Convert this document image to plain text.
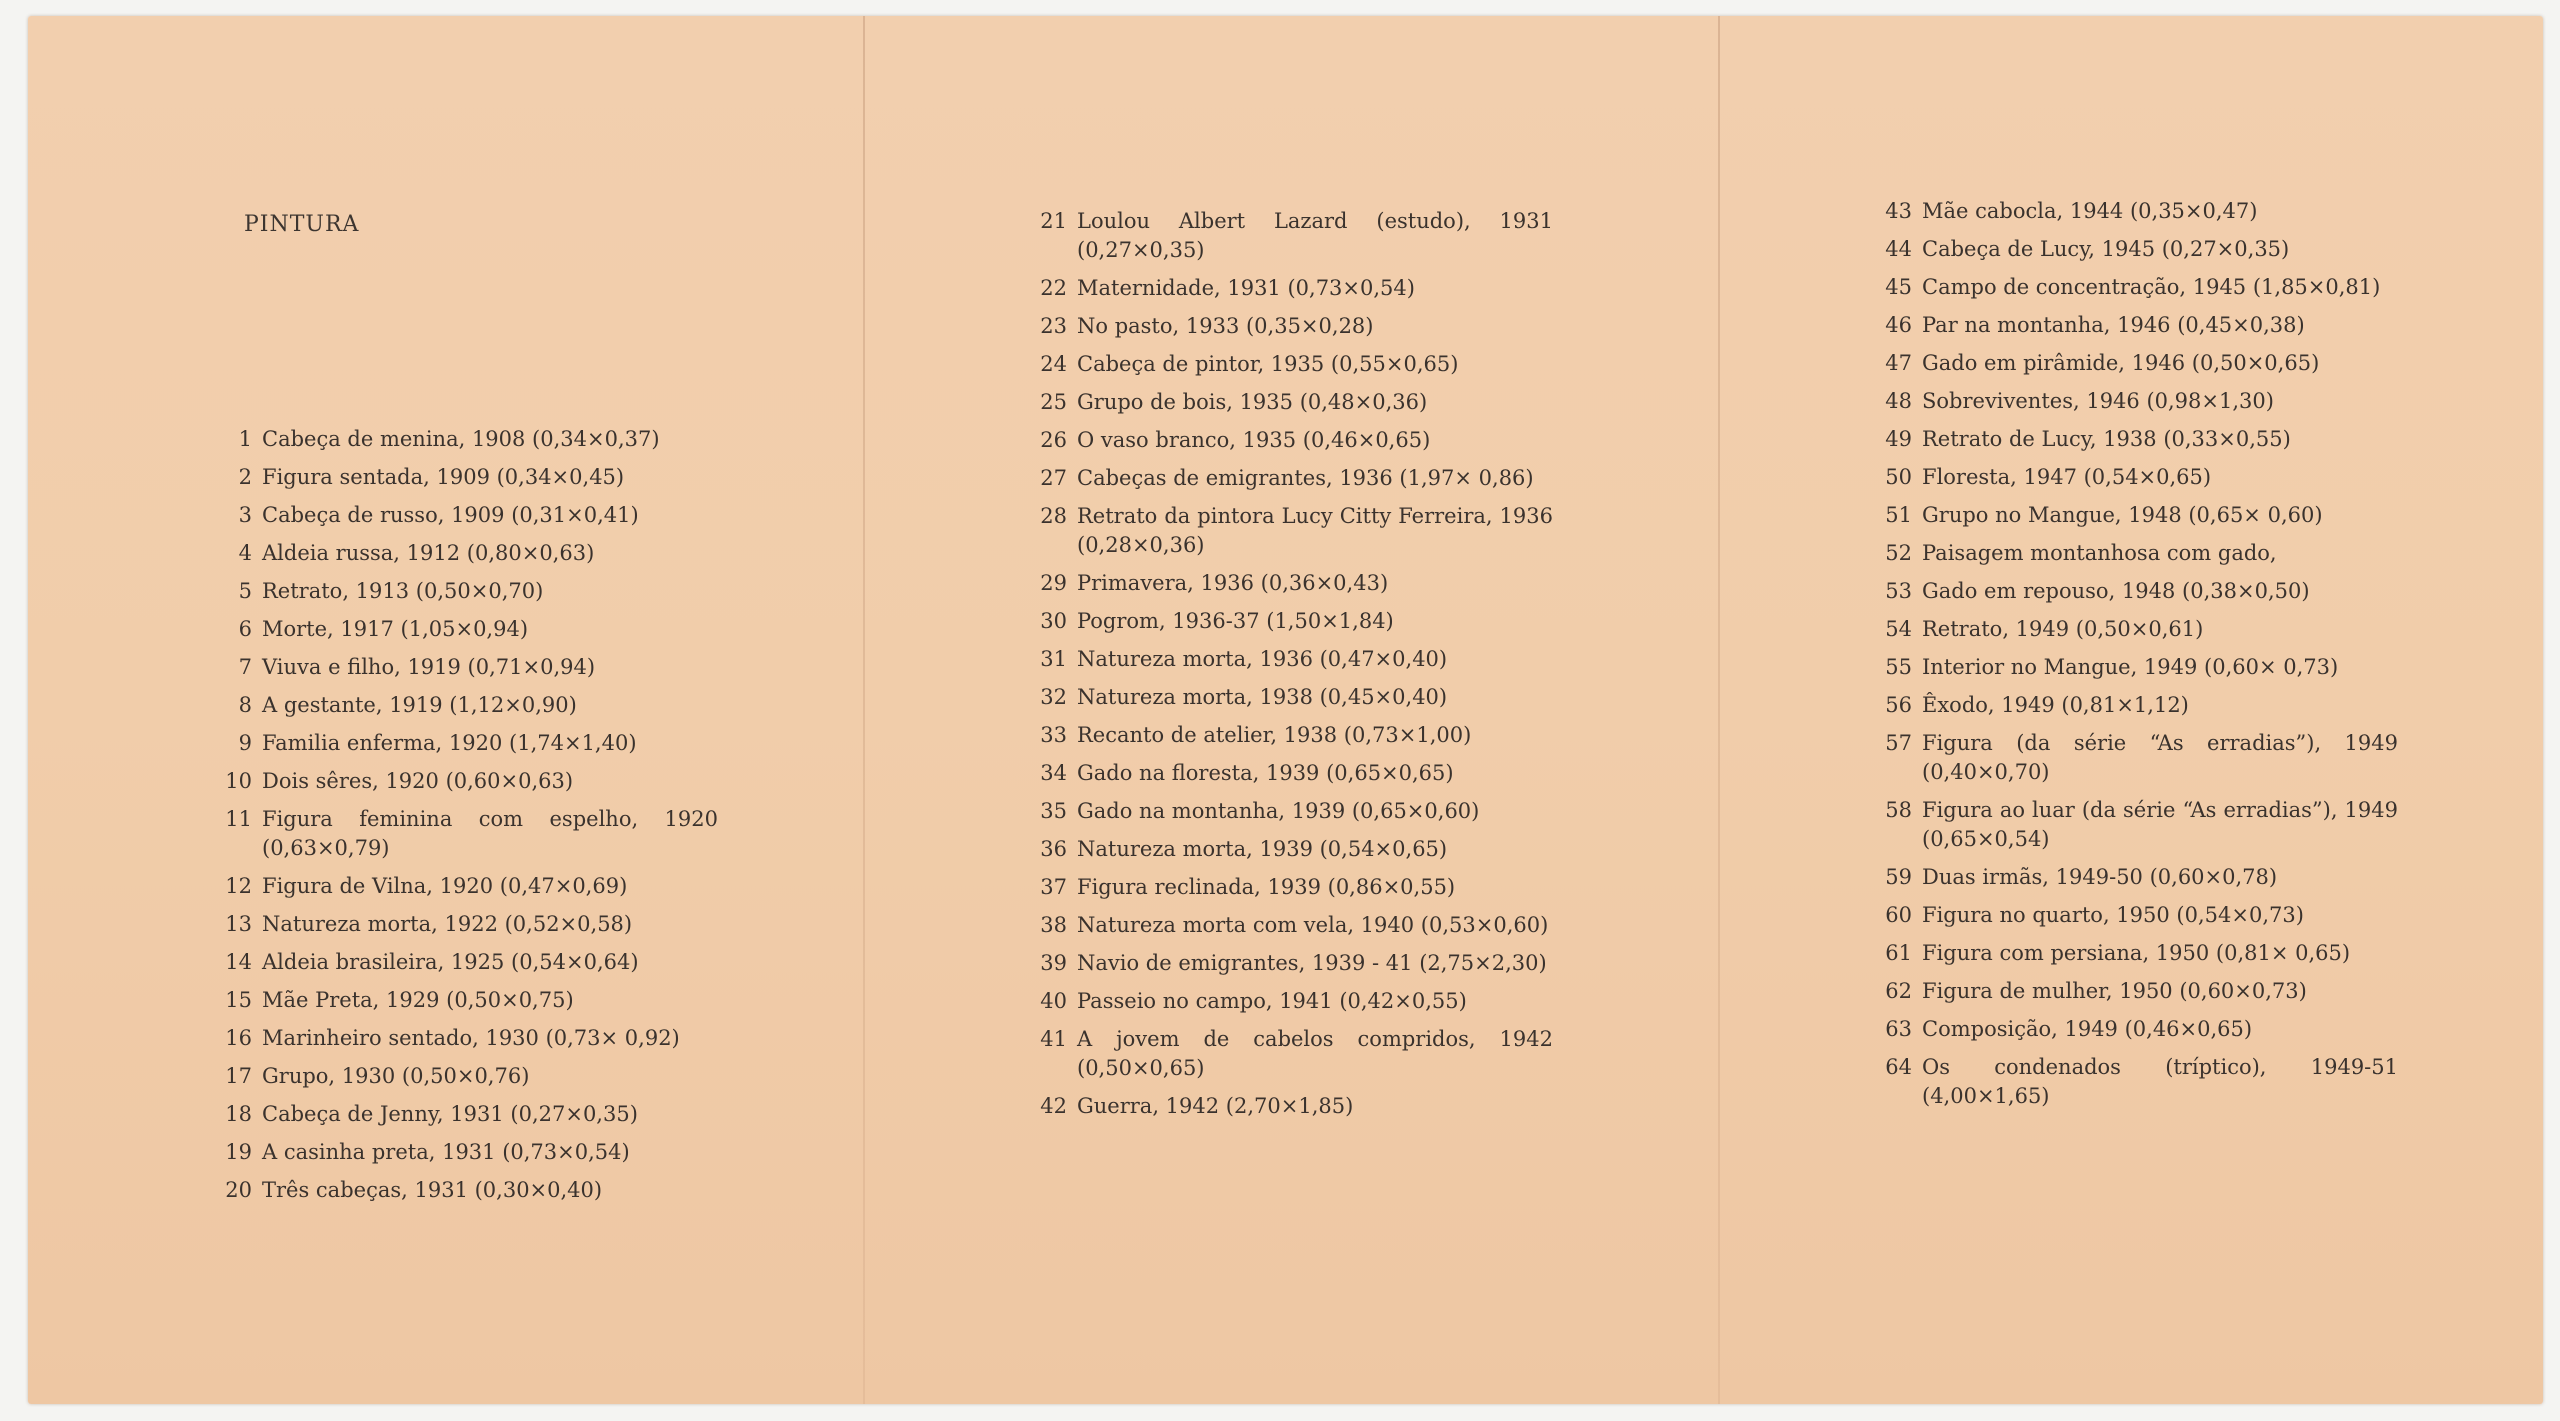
PINTURA
1 Cabeça de menina, 1908 (0,34×0,37)
2 Figura sentada, 1909 (0,34×0,45)
3 Cabeça de russo, 1909 (0,31×0,41)
4 Aldeia russa, 1912 (0,80×0,63)
5 Retrato, 1913 (0,50×0,70)
6 Morte, 1917 (1,05×0,94)
7 Viuva e filho, 1919 (0,71×0,94)
8 A gestante, 1919 (1,12×0,90)
9 Familia enferma, 1920 (1,74×1,40)
10 Dois sêres, 1920 (0,60×0,63)
11 Figura feminina com espelho, 1920 (0,63×0,79)
12 Figura de Vilna, 1920 (0,47×0,69)
13 Natureza morta, 1922 (0,52×0,58)
14 Aldeia brasileira, 1925 (0,54×0,64)
15 Mãe Preta, 1929 (0,50×0,75)
16 Marinheiro sentado, 1930 (0,73× 0,92)
17 Grupo, 1930 (0,50×0,76)
18 Cabeça de Jenny, 1931 (0,27×0,35)
19 A casinha preta, 1931 (0,73×0,54)
20 Três cabeças, 1931 (0,30×0,40)
21 Loulou Albert Lazard (estudo), 1931 (0,27×0,35)
22 Maternidade, 1931 (0,73×0,54)
23 No pasto, 1933 (0,35×0,28)
24 Cabeça de pintor, 1935 (0,55×0,65)
25 Grupo de bois, 1935 (0,48×0,36)
26 O vaso branco, 1935 (0,46×0,65)
27 Cabeças de emigrantes, 1936 (1,97× 0,86)
28 Retrato da pintora Lucy Citty Ferreira, 1936 (0,28×0,36)
29 Primavera, 1936 (0,36×0,43)
30 Pogrom, 1936-37 (1,50×1,84)
31 Natureza morta, 1936 (0,47×0,40)
32 Natureza morta, 1938 (0,45×0,40)
33 Recanto de atelier, 1938 (0,73×1,00)
34 Gado na floresta, 1939 (0,65×0,65)
35 Gado na montanha, 1939 (0,65×0,60)
36 Natureza morta, 1939 (0,54×0,65)
37 Figura reclinada, 1939 (0,86×0,55)
38 Natureza morta com vela, 1940 (0,53×0,60)
39 Navio de emigrantes, 1939 - 41 (2,75×2,30)
40 Passeio no campo, 1941 (0,42×0,55)
41 A jovem de cabelos compridos, 1942 (0,50×0,65)
42 Guerra, 1942 (2,70×1,85)
43 Mãe cabocla, 1944 (0,35×0,47)
44 Cabeça de Lucy, 1945 (0,27×0,35)
45 Campo de concentração, 1945 (1,85×0,81)
46 Par na montanha, 1946 (0,45×0,38)
47 Gado em pirâmide, 1946 (0,50×0,65)
48 Sobreviventes, 1946 (0,98×1,30)
49 Retrato de Lucy, 1938 (0,33×0,55)
50 Floresta, 1947 (0,54×0,65)
51 Grupo no Mangue, 1948 (0,65× 0,60)
52 Paisagem montanhosa com gado,
53 Gado em repouso, 1948 (0,38×0,50)
54 Retrato, 1949 (0,50×0,61)
55 Interior no Mangue, 1949 (0,60× 0,73)
56 Êxodo, 1949 (0,81×1,12)
57 Figura (da série “As erradias”), 1949 (0,40×0,70)
58 Figura ao luar (da série “As erradias”), 1949 (0,65×0,54)
59 Duas irmãs, 1949-50 (0,60×0,78)
60 Figura no quarto, 1950 (0,54×0,73)
61 Figura com persiana, 1950 (0,81× 0,65)
62 Figura de mulher, 1950 (0,60×0,73)
63 Composição, 1949 (0,46×0,65)
64 Os condenados (tríptico), 1949-51 (4,00×1,65)
